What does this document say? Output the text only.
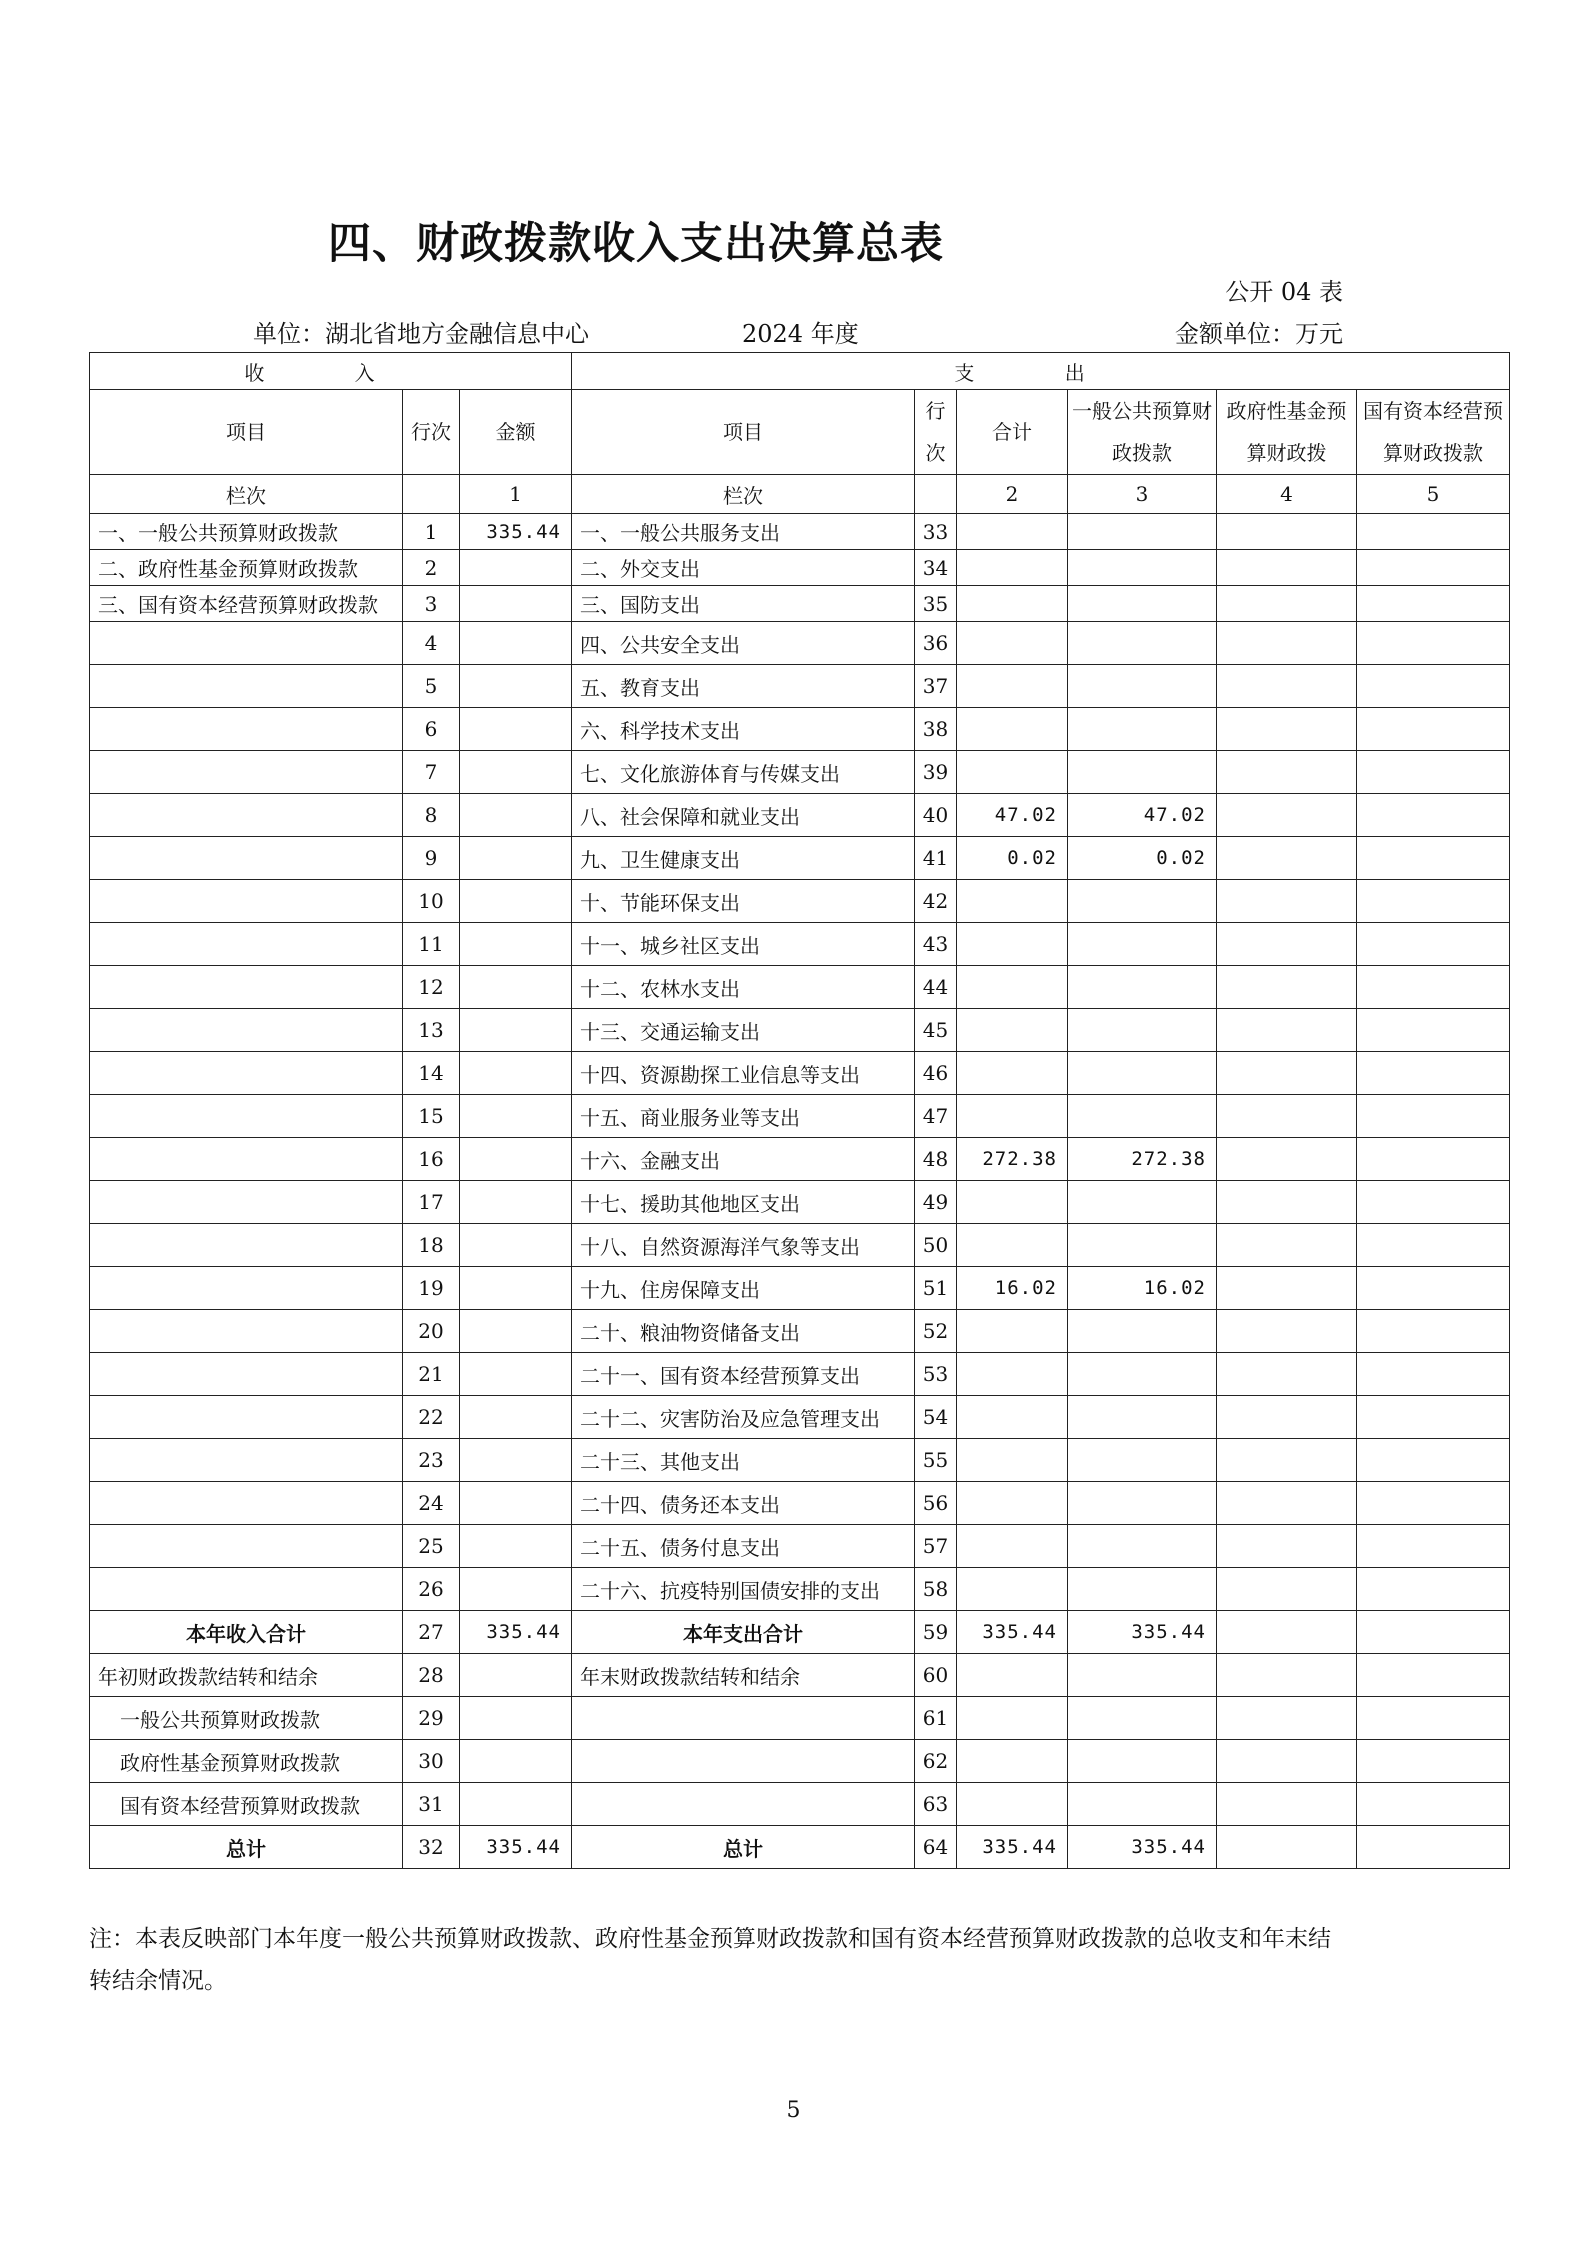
四、财政拨款收入支出决算总表
公开 04 表
单位：湖北省地方金融信息中心	2024 年度	金额单位：万元
收 入			支 出					
项目	行次	金额	项目	行次	合计	一般公共预算财政拨款	政府性基金预算财政拨	国有资本经营预算财政拨款
栏次		1	栏次		2	3	4	5
一、一般公共预算财政拨款	1	335.44	一、一般公共服务支出	33				
二、政府性基金预算财政拨款	2		二、外交支出	34				
三、国有资本经营预算财政拨款	3		三、国防支出	35				
	4		四、公共安全支出	36				
	5		五、教育支出	37				
	6		六、科学技术支出	38				
	7		七、文化旅游体育与传媒支出	39				
	8		八、社会保障和就业支出	40	47.02	47.02		
	9		九、卫生健康支出	41	0.02	0.02		
	10		十、节能环保支出	42				
	11		十一、城乡社区支出	43				
	12		十二、农林水支出	44				
	13		十三、交通运输支出	45				
	14		十四、资源勘探工业信息等支出	46				
	15		十五、商业服务业等支出	47				
	16		十六、金融支出	48	272.38	272.38		
	17		十七、援助其他地区支出	49				
	18		十八、自然资源海洋气象等支出	50				
	19		十九、住房保障支出	51	16.02	16.02		
	20		二十、粮油物资储备支出	52				
	21		二十一、国有资本经营预算支出	53				
	22		二十二、灾害防治及应急管理支出	54				
	23		二十三、其他支出	55				
	24		二十四、债务还本支出	56				
	25		二十五、债务付息支出	57				
	26		二十六、抗疫特别国债安排的支出	58				
本年收入合计	27	335.44	本年支出合计	59	335.44	335.44		
年初财政拨款结转和结余	28		年末财政拨款结转和结余	60				
一般公共预算财政拨款	29			61				
政府性基金预算财政拨款	30			62				
国有资本经营预算财政拨款	31			63				
总计	32	335.44	总计	64	335.44	335.44		
注：本表反映部门本年度一般公共预算财政拨款、政府性基金预算财政拨款和国有资本经营预算财政拨款的总收支和年末结转结余情况。
5
